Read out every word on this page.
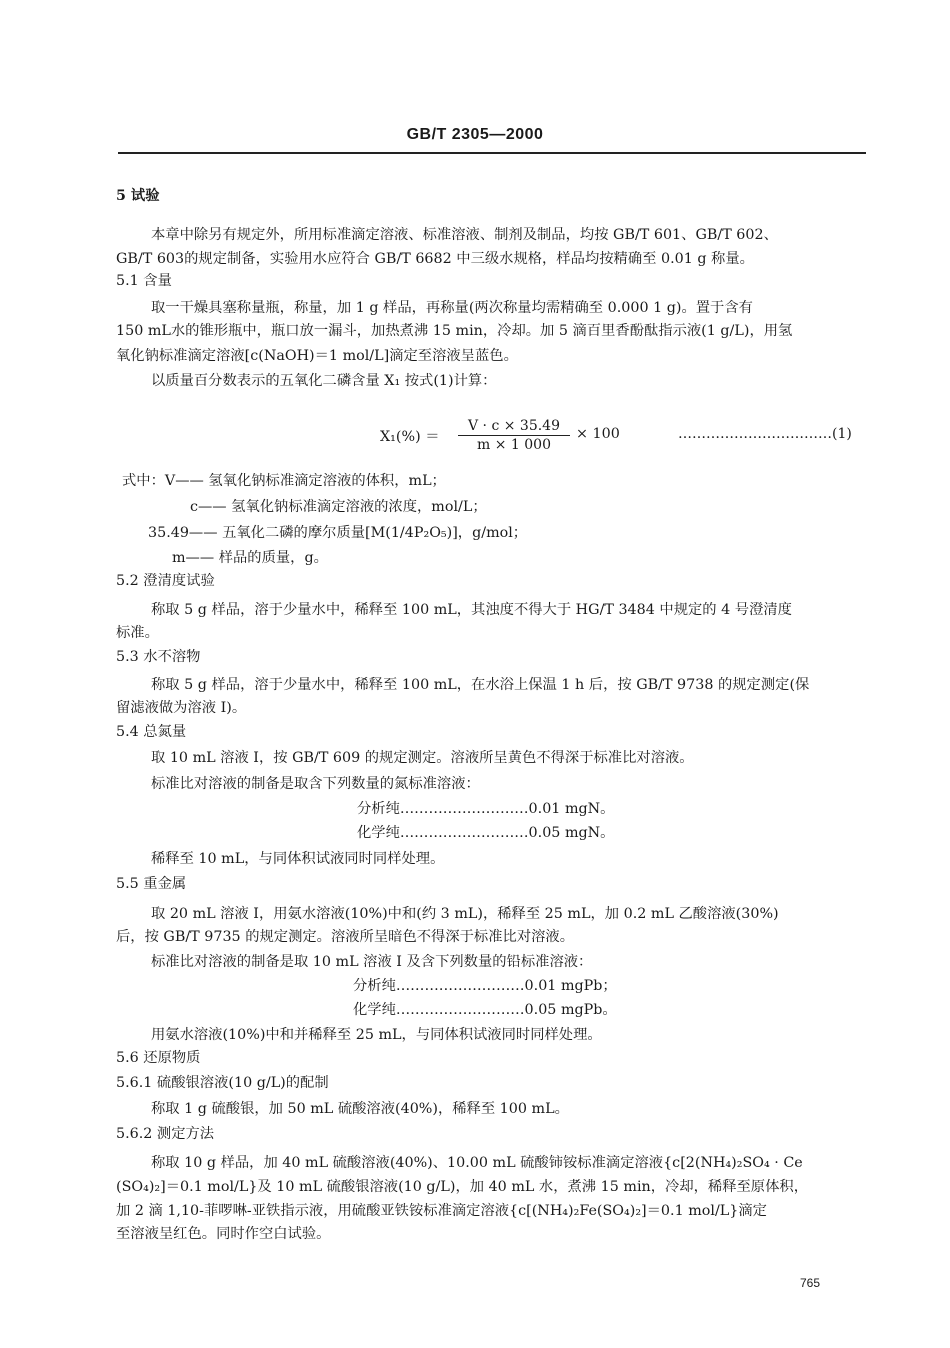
GB/T 2305—2000
5 试验
本章中除另有规定外，所用标准滴定溶液、标准溶液、制剂及制品，均按 GB/T 601、GB/T 602、
GB/T 603的规定制备，实验用水应符合 GB/T 6682 中三级水规格，样品均按精确至 0.01 g 称量。
5.1 含量
取一干燥具塞称量瓶，称量，加 1 g 样品，再称量(两次称量均需精确至 0.000 1 g)。置于含有
150 mL水的锥形瓶中，瓶口放一漏斗，加热煮沸 15 min，冷却。加 5 滴百里香酚酞指示液(1 g/L)，用氢
氧化钠标准滴定溶液[c(NaOH)＝1 mol/L]滴定至溶液呈蓝色。
以质量百分数表示的五氧化二磷含量 X₁ 按式(1)计算：
$X_1(\%) = \frac{V \cdot c \times 35.49}{m \times 1 000} \times 100$	……………………………(1)
式中：V—— 氢氧化钠标准滴定溶液的体积，mL；
c—— 氢氧化钠标准滴定溶液的浓度，mol/L；
35.49—— 五氧化二磷的摩尔质量[M(1/4P₂O₅)]，g/mol；
m—— 样品的质量，g。
5.2 澄清度试验
称取 5 g 样品，溶于少量水中，稀释至 100 mL，其浊度不得大于 HG/T 3484 中规定的 4 号澄清度
标准。
5.3 水不溶物
称取 5 g 样品，溶于少量水中，稀释至 100 mL，在水浴上保温 1 h 后，按 GB/T 9738 的规定测定(保
留滤液做为溶液 I)。
5.4 总氮量
取 10 mL 溶液 I，按 GB/T 609 的规定测定。溶液所呈黄色不得深于标准比对溶液。
标准比对溶液的制备是取含下列数量的氮标准溶液：
分析纯………………………0.01 mgN。
化学纯………………………0.05 mgN。
稀释至 10 mL，与同体积试液同时同样处理。
5.5 重金属
取 20 mL 溶液 I，用氨水溶液(10%)中和(约 3 mL)，稀释至 25 mL，加 0.2 mL 乙酸溶液(30%)
后，按 GB/T 9735 的规定测定。溶液所呈暗色不得深于标准比对溶液。
标准比对溶液的制备是取 10 mL 溶液 I 及含下列数量的铅标准溶液：
分析纯………………………0.01 mgPb；
化学纯………………………0.05 mgPb。
用氨水溶液(10%)中和并稀释至 25 mL，与同体积试液同时同样处理。
5.6 还原物质
5.6.1 硫酸银溶液(10 g/L)的配制
称取 1 g 硫酸银，加 50 mL 硫酸溶液(40%)，稀释至 100 mL。
5.6.2 测定方法
称取 10 g 样品，加 40 mL 硫酸溶液(40%)、10.00 mL 硫酸铈铵标准滴定溶液{c[2(NH₄)₂SO₄ · Ce
(SO₄)₂]＝0.1 mol/L}及 10 mL 硫酸银溶液(10 g/L)，加 40 mL 水，煮沸 15 min，冷却，稀释至原体积，
加 2 滴 1,10-菲啰啉-亚铁指示液，用硫酸亚铁铵标准滴定溶液{c[(NH₄)₂Fe(SO₄)₂]＝0.1 mol/L}滴定
至溶液呈红色。同时作空白试验。
765
